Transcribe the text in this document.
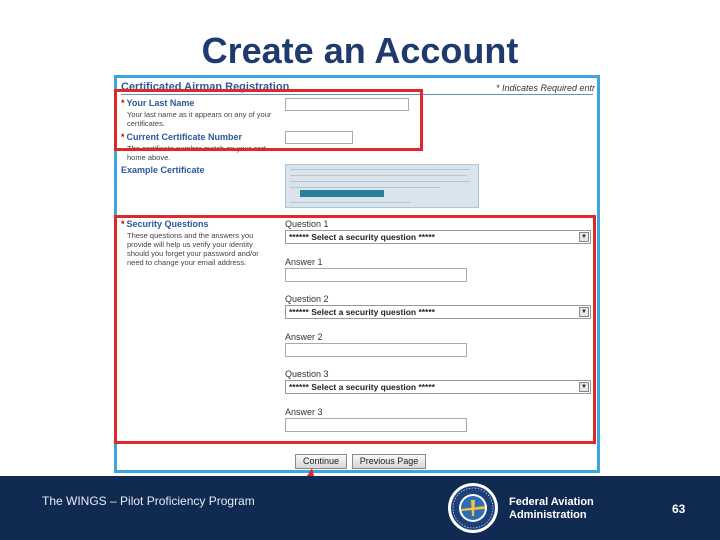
Create an Account
Certificated Airman Registration	* Indicates Required entr
* Your Last Name
Your last name as it appears on any of your
certificates.
* Current Certificate Number
The certificate number match on your cert
home above.
Example Certificate
* Security Questions
These questions and the answers you
provide will help us verify your identity
should you forget your password and/or
need to change your email address.
Question 1
****** Select a security question *****	▼
Answer 1
Question 2
****** Select a security question *****	▼
Answer 2
Question 3
****** Select a security question *****	▼
Answer 3
Continue	Previous Page
The WINGS – Pilot Proficiency Program	Federal Aviation
Administration	63
